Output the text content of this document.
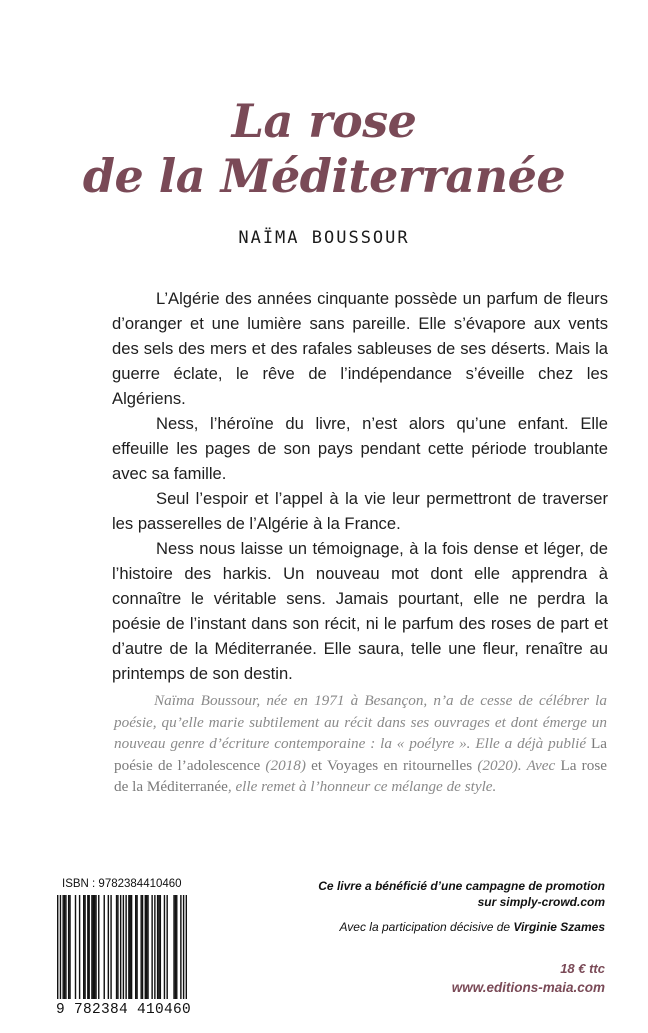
La rose
de la Méditerranée
NAÏMA BOUSSOUR

L’Algérie des années cinquante possède un parfum de fleurs d’oranger et une lumière sans pareille. Elle s’évapore aux vents des sels des mers et des rafales sableuses de ses déserts. Mais la guerre éclate, le rêve de l’indépendance s’éveille chez les Algériens.

Ness, l’héroïne du livre, n’est alors qu’une enfant. Elle effeuille les pages de son pays pendant cette période troublante avec sa famille.

Seul l’espoir et l’appel à la vie leur permettront de traverser les passerelles de l’Algérie à la France.

Ness nous laisse un témoignage, à la fois dense et léger, de l’histoire des harkis. Un nouveau mot dont elle apprendra à connaître le véritable sens. Jamais pourtant, elle ne perdra la poésie de l’instant dans son récit, ni le parfum des roses de part et d’autre de la Méditerranée. Elle saura, telle une fleur, renaître au printemps de son destin.

Naïma Boussour, née en 1971 à Besançon, n’a de cesse de célébrer la poésie, qu’elle marie subtilement au récit dans ses ouvrages et dont émerge un nouveau genre d’écriture contemporaine : la « poélyre ». Elle a déjà publié La poésie de l’adolescence (2018) et Voyages en ritournelles (2020). Avec La rose de la Méditerranée, elle remet à l’honneur ce mélange de style.

ISBN : 9782384410460
9 782384 410460
Ce livre a bénéficié d’une campagne de promotion
sur simply-crowd.com
Avec la participation décisive de Virginie Szames
18 € ttc
www.editions-maia.com
